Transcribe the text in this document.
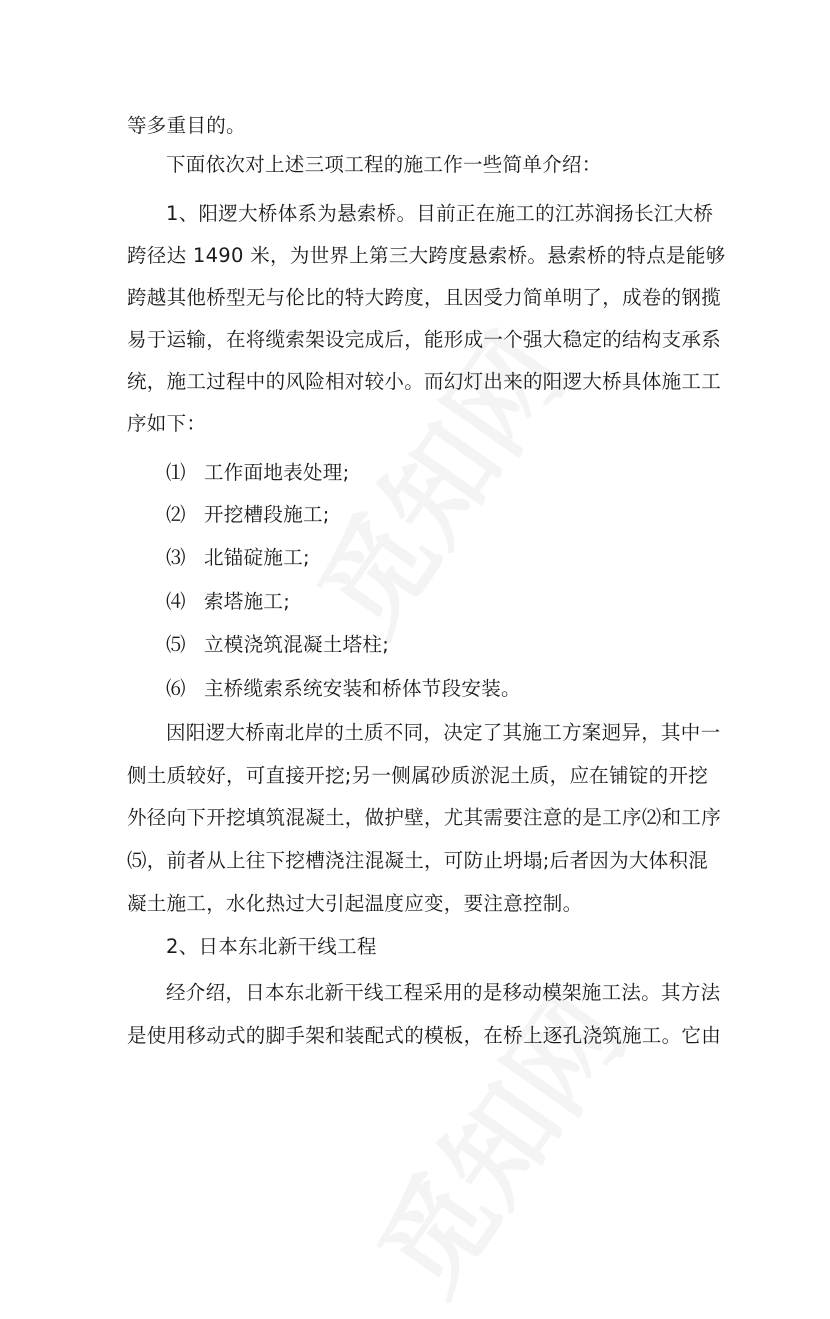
等多重目的。
下面依次对上述三项工程的施工作一些简单介绍：
1、阳逻大桥体系为悬索桥。目前正在施工的江苏润扬长江大桥
跨径达 1490 米，为世界上第三大跨度悬索桥。悬索桥的特点是能够
跨越其他桥型无与伦比的特大跨度，且因受力简单明了，成卷的钢揽
易于运输，在将缆索架设完成后，能形成一个强大稳定的结构支承系
统，施工过程中的风险相对较小。而幻灯出来的阳逻大桥具体施工工
序如下：
⑴ 工作面地表处理;
⑵ 开挖槽段施工;
⑶ 北锚碇施工;
⑷ 索塔施工;
⑸ 立模浇筑混凝土塔柱;
⑹ 主桥缆索系统安装和桥体节段安装。
因阳逻大桥南北岸的土质不同，决定了其施工方案迥异，其中一
侧土质较好，可直接开挖;另一侧属砂质淤泥土质，应在铺锭的开挖
外径向下开挖填筑混凝土，做护壁，尤其需要注意的是工序⑵和工序
⑸，前者从上往下挖槽浇注混凝土，可防止坍塌;后者因为大体积混
凝土施工，水化热过大引起温度应变，要注意控制。
2、日本东北新干线工程
经介绍，日本东北新干线工程采用的是移动模架施工法。其方法
是使用移动式的脚手架和装配式的模板，在桥上逐孔浇筑施工。它由
